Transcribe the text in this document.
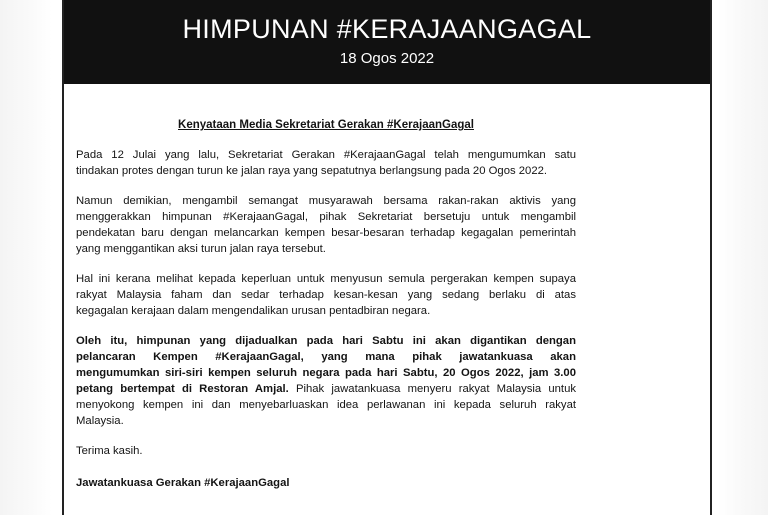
HIMPUNAN #KERAJAANGAGAL
18 Ogos 2022
Kenyataan Media Sekretariat Gerakan #KerajaanGagal
Pada 12 Julai yang lalu, Sekretariat Gerakan #KerajaanGagal telah mengumumkan satu
tindakan protes dengan turun ke jalan raya yang sepatutnya berlangsung pada 20 Ogos 2022.
Namun demikian, mengambil semangat musyarawah bersama rakan-rakan aktivis yang
menggerakkan himpunan #KerajaanGagal, pihak Sekretariat bersetuju untuk mengambil
pendekatan baru dengan melancarkan kempen besar-besaran terhadap kegagalan pemerintah
yang menggantikan aksi turun jalan raya tersebut.
Hal ini kerana melihat kepada keperluan untuk menyusun semula pergerakan kempen supaya
rakyat Malaysia faham dan sedar terhadap kesan-kesan yang sedang berlaku di atas
kegagalan kerajaan dalam mengendalikan urusan pentadbiran negara.
Oleh itu, himpunan yang dijadualkan pada hari Sabtu ini akan digantikan dengan
pelancaran Kempen #KerajaanGagal, yang mana pihak jawatankuasa akan
mengumumkan siri-siri kempen seluruh negara pada hari Sabtu, 20 Ogos 2022, jam 3.00
petang bertempat di Restoran Amjal. Pihak jawatankuasa menyeru rakyat Malaysia untuk
menyokong kempen ini dan menyebarluaskan idea perlawanan ini kepada seluruh rakyat
Malaysia.
Terima kasih.
Jawatankuasa Gerakan #KerajaanGagal
